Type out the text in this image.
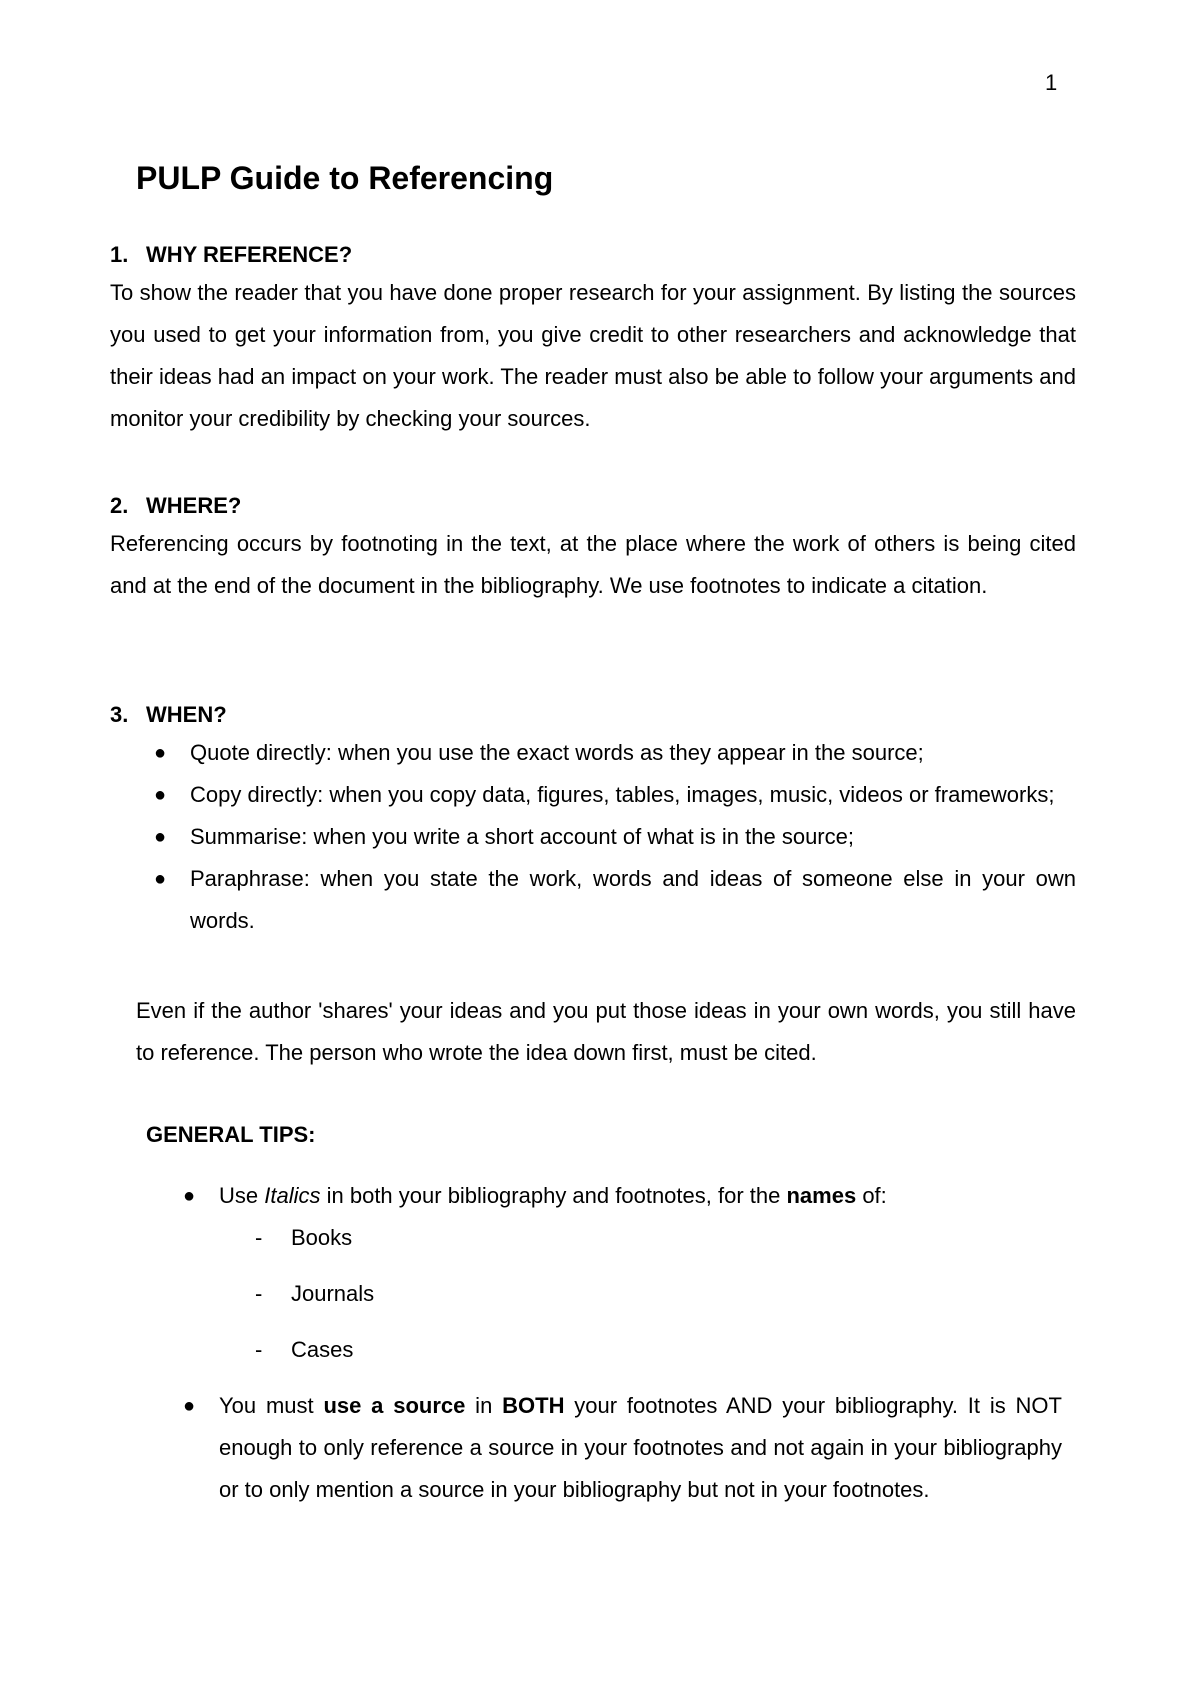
1
PULP Guide to Referencing
1. WHY REFERENCE?

To show the reader that you have done proper research for your assignment. By listing the sources you used to get your information from, you give credit to other researchers and acknowledge that their ideas had an impact on your work. The reader must also be able to follow your arguments and monitor your credibility by checking your sources.

2. WHERE?

Referencing occurs by footnoting in the text, at the place where the work of others is being cited and at the end of the document in the bibliography. We use footnotes to indicate a citation.

3. WHEN?
● Quote directly: when you use the exact words as they appear in the source;
● Copy directly: when you copy data, figures, tables, images, music, videos or frameworks;
● Summarise: when you write a short account of what is in the source;
● Paraphrase: when you state the work, words and ideas of someone else in your own words.

Even if the author 'shares' your ideas and you put those ideas in your own words, you still have to reference. The person who wrote the idea down first, must be cited.

GENERAL TIPS:
● Use Italics in both your bibliography and footnotes, for the names of:
- Books
- Journals
- Cases
● You must use a source in BOTH your footnotes AND your bibliography. It is NOT enough to only reference a source in your footnotes and not again in your bibliography or to only mention a source in your bibliography but not in your footnotes.
